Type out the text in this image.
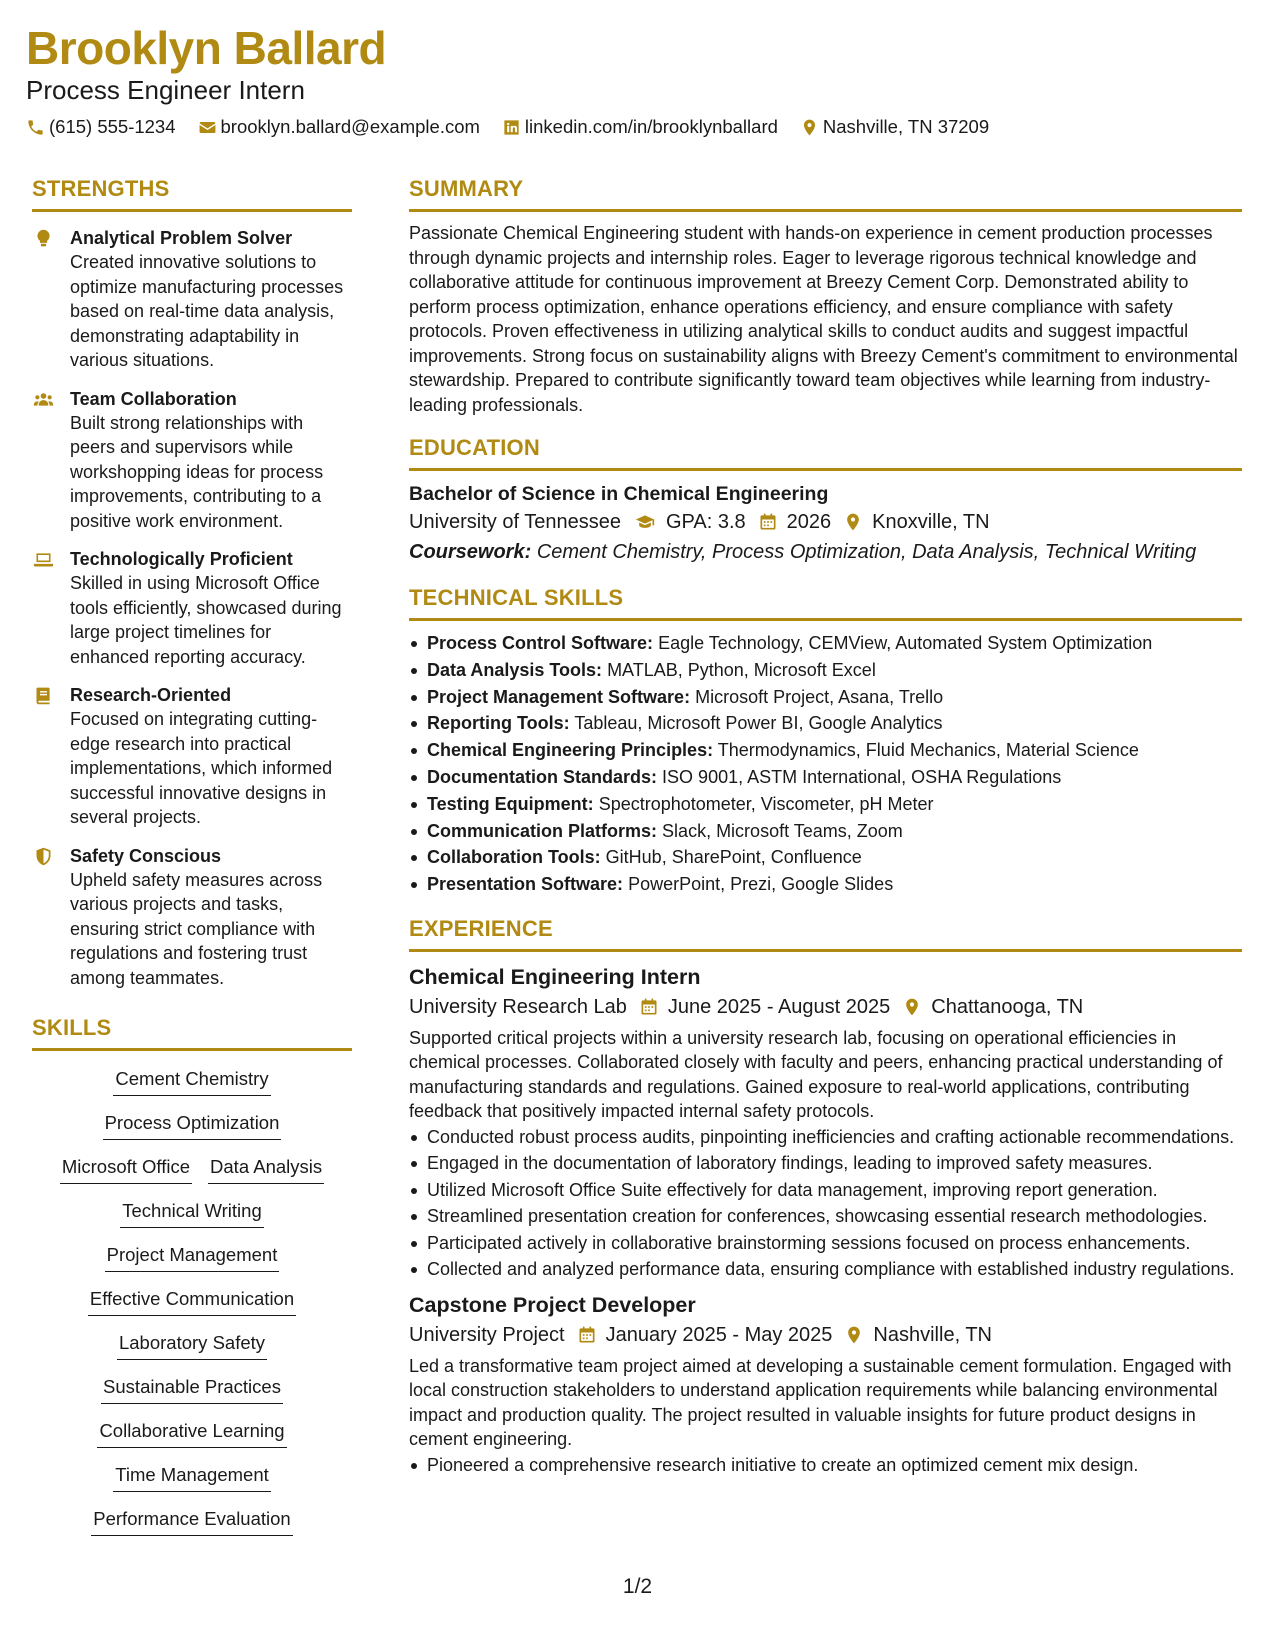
Brooklyn Ballard
Process Engineer Intern
(615) 555-1234 brooklyn.ballard@example.com linkedin.com/in/brooklynballard Nashville, TN 37209
STRENGTHS
Analytical Problem Solver
Created innovative solutions to optimize manufacturing processes based on real-time data analysis, demonstrating adaptability in various situations.
Team Collaboration
Built strong relationships with peers and supervisors while workshopping ideas for process improvements, contributing to a positive work environment.
Technologically Proficient
Skilled in using Microsoft Office tools efficiently, showcased during large project timelines for enhanced reporting accuracy.
Research-Oriented
Focused on integrating cutting-edge research into practical implementations, which informed successful innovative designs in several projects.
Safety Conscious
Upheld safety measures across various projects and tasks, ensuring strict compliance with regulations and fostering trust among teammates.
SKILLS
Cement Chemistry
Process Optimization
Microsoft Office Data Analysis
Technical Writing
Project Management
Effective Communication
Laboratory Safety
Sustainable Practices
Collaborative Learning
Time Management
Performance Evaluation
SUMMARY
Passionate Chemical Engineering student with hands-on experience in cement production processes through dynamic projects and internship roles. Eager to leverage rigorous technical knowledge and collaborative attitude for continuous improvement at Breezy Cement Corp. Demonstrated ability to perform process optimization, enhance operations efficiency, and ensure compliance with safety protocols. Proven effectiveness in utilizing analytical skills to conduct audits and suggest impactful improvements. Strong focus on sustainability aligns with Breezy Cement's commitment to environmental stewardship. Prepared to contribute significantly toward team objectives while learning from industry-leading professionals.
EDUCATION
Bachelor of Science in Chemical Engineering
University of Tennessee GPA: 3.8 2026 Knoxville, TN
Coursework: Cement Chemistry, Process Optimization, Data Analysis, Technical Writing
TECHNICAL SKILLS
Process Control Software: Eagle Technology, CEMView, Automated System Optimization
Data Analysis Tools: MATLAB, Python, Microsoft Excel
Project Management Software: Microsoft Project, Asana, Trello
Reporting Tools: Tableau, Microsoft Power BI, Google Analytics
Chemical Engineering Principles: Thermodynamics, Fluid Mechanics, Material Science
Documentation Standards: ISO 9001, ASTM International, OSHA Regulations
Testing Equipment: Spectrophotometer, Viscometer, pH Meter
Communication Platforms: Slack, Microsoft Teams, Zoom
Collaboration Tools: GitHub, SharePoint, Confluence
Presentation Software: PowerPoint, Prezi, Google Slides
EXPERIENCE
Chemical Engineering Intern
University Research Lab June 2025 - August 2025 Chattanooga, TN
Supported critical projects within a university research lab, focusing on operational efficiencies in chemical processes. Collaborated closely with faculty and peers, enhancing practical understanding of manufacturing standards and regulations. Gained exposure to real-world applications, contributing feedback that positively impacted internal safety protocols.
Conducted robust process audits, pinpointing inefficiencies and crafting actionable recommendations.
Engaged in the documentation of laboratory findings, leading to improved safety measures.
Utilized Microsoft Office Suite effectively for data management, improving report generation.
Streamlined presentation creation for conferences, showcasing essential research methodologies.
Participated actively in collaborative brainstorming sessions focused on process enhancements.
Collected and analyzed performance data, ensuring compliance with established industry regulations.
Capstone Project Developer
University Project January 2025 - May 2025 Nashville, TN
Led a transformative team project aimed at developing a sustainable cement formulation. Engaged with local construction stakeholders to understand application requirements while balancing environmental impact and production quality. The project resulted in valuable insights for future product designs in cement engineering.
Pioneered a comprehensive research initiative to create an optimized cement mix design.
1/2
